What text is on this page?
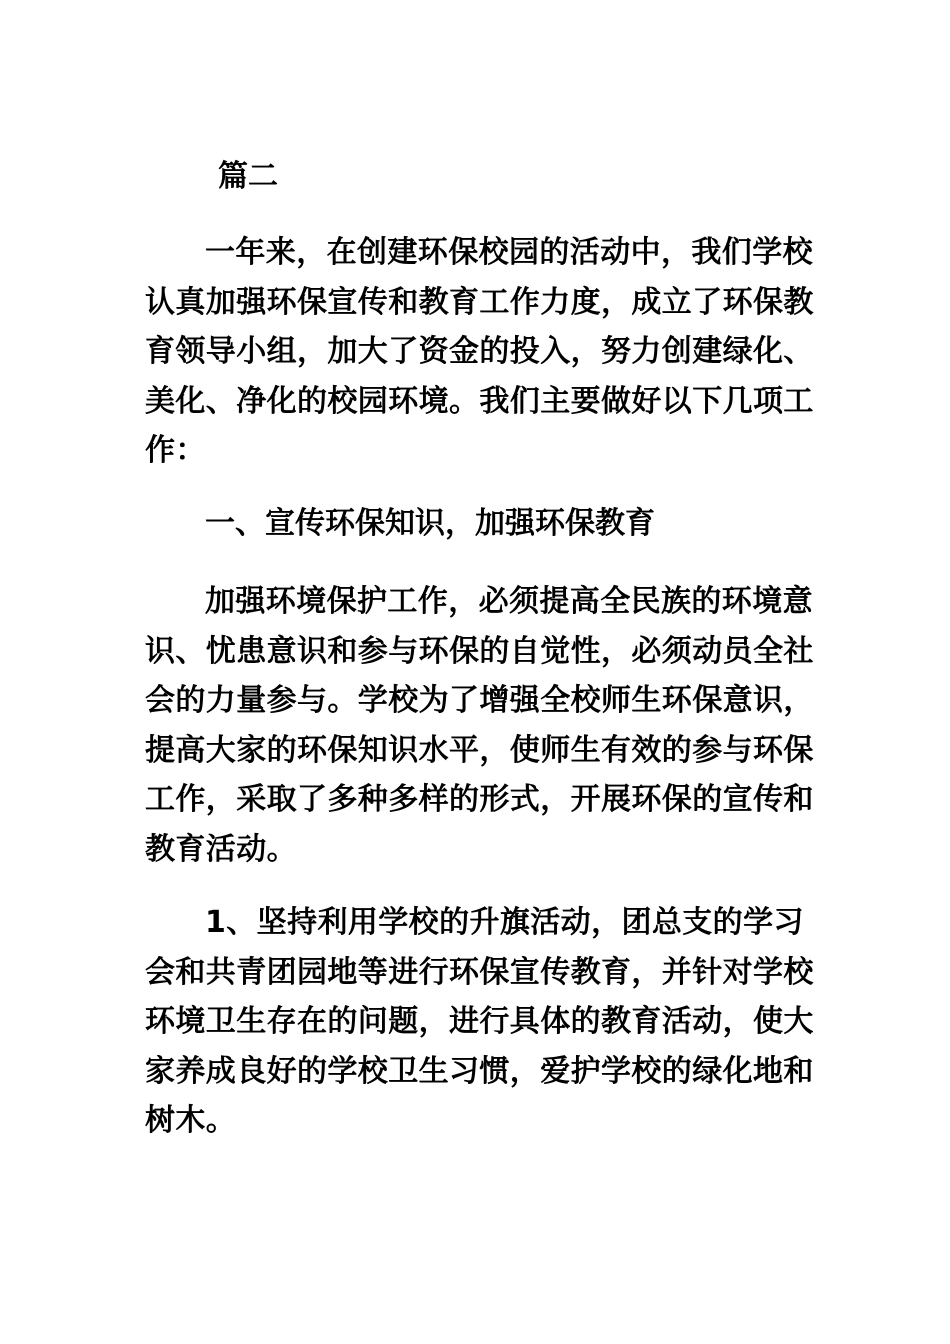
篇二

一年来，在创建环保校园的活动中，我们学校
认真加强环保宣传和教育工作力度，成立了环保教
育领导小组，加大了资金的投入，努力创建绿化、
美化、净化的校园环境。我们主要做好以下几项工
作：

一、宣传环保知识，加强环保教育

加强环境保护工作，必须提高全民族的环境意
识、忧患意识和参与环保的自觉性，必须动员全社
会的力量参与。学校为了增强全校师生环保意识，
提高大家的环保知识水平，使师生有效的参与环保
工作，采取了多种多样的形式，开展环保的宣传和
教育活动。

1、坚持利用学校的升旗活动，团总支的学习
会和共青团园地等进行环保宣传教育，并针对学校
环境卫生存在的问题，进行具体的教育活动，使大
家养成良好的学校卫生习惯，爱护学校的绿化地和
树木。
